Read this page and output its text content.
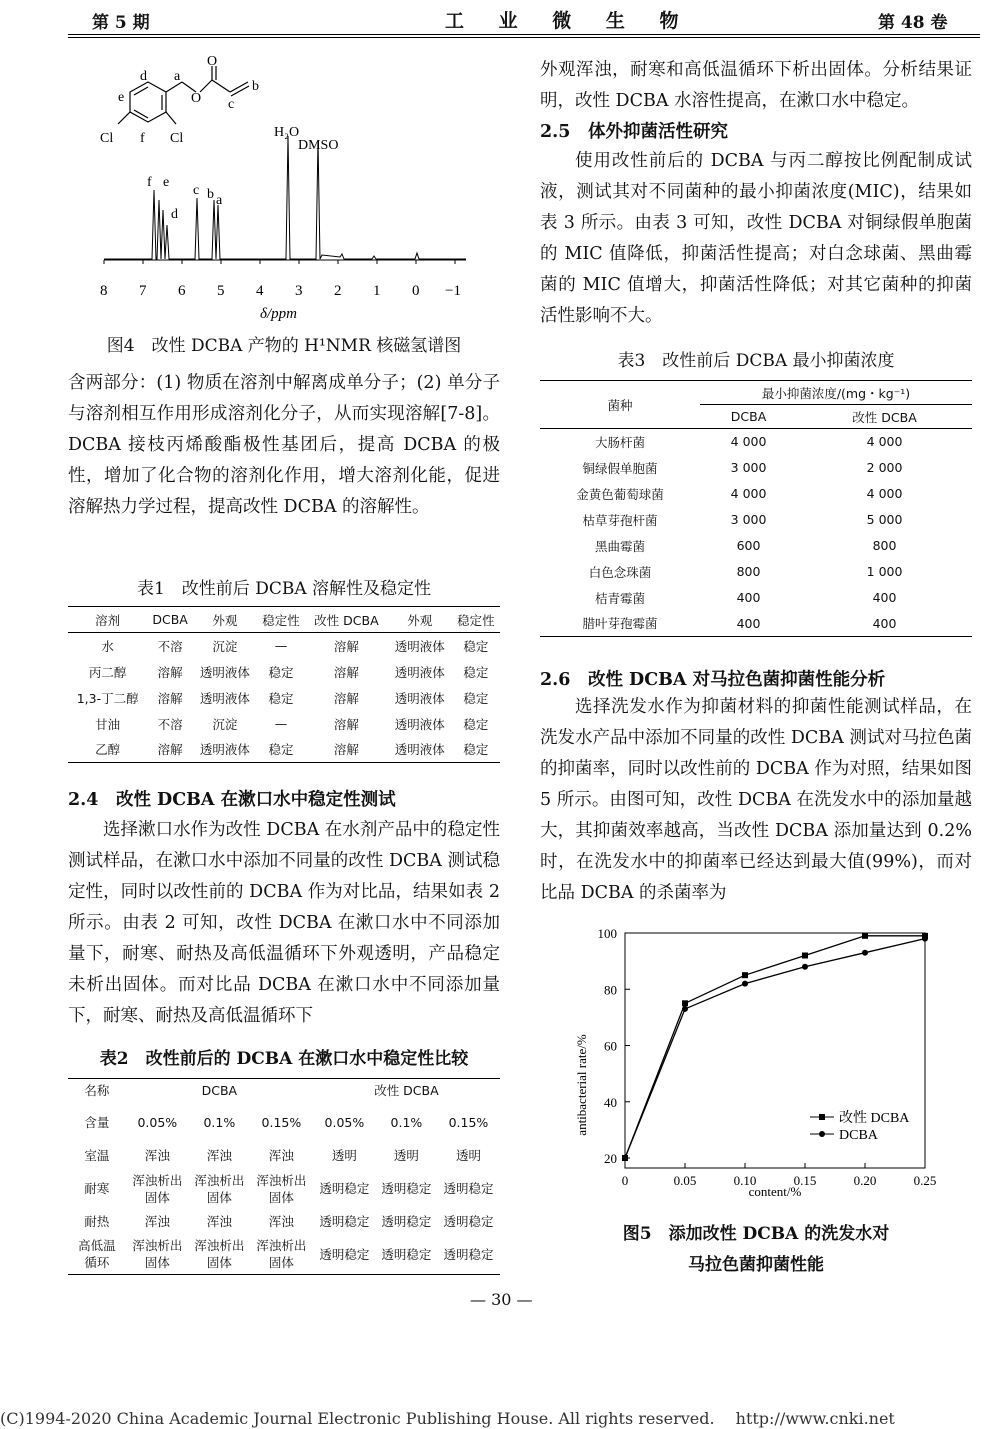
第 5 期	工 业 微 生 物	第 48 卷
d a
O
O
e	c
b
Cl f Cl
8 7 6 5 4 3 2 1 0 −1
δ/ppm
f e
d
c b a
H₂O
DMSO

图4　改性 DCBA 产物的 H¹NMR 核磁氢谱图

含两部分：(1) 物质在溶剂中解离成单分子；(2) 单分子与溶剂相互作用形成溶剂化分子，从而实现溶解[7-8]。DCBA 接枝丙烯酸酯极性基团后，提高 DCBA 的极性，增加了化合物的溶剂化作用，增大溶剂化能，促进溶解热力学过程，提高改性 DCBA 的溶解性。

表1　改性前后 DCBA 溶解性及稳定性

溶剂	DCBA	外观	稳定性	改性 DCBA	外观	稳定性
水	不溶	沉淀	—	溶解	透明液体	稳定
丙二醇	溶解	透明液体	稳定	溶解	透明液体	稳定
1,3-丁二醇	溶解	透明液体	稳定	溶解	透明液体	稳定
甘油	不溶	沉淀	—	溶解	透明液体	稳定
乙醇	溶解	透明液体	稳定	溶解	透明液体	稳定

2.4　改性 DCBA 在漱口水中稳定性测试

选择漱口水作为改性 DCBA 在水剂产品中的稳定性测试样品，在漱口水中添加不同量的改性 DCBA 测试稳定性，同时以改性前的 DCBA 作为对比品，结果如表 2 所示。由表 2 可知，改性 DCBA 在漱口水中不同添加量下，耐寒、耐热及高低温循环下外观透明，产品稳定未析出固体。而对比品 DCBA 在漱口水中不同添加量下，耐寒、耐热及高低温循环下

表2　改性前后的 DCBA 在漱口水中稳定性比较

名称	DCBA			改性 DCBA		
含量	0.05%	0.1%	0.15%	0.05%	0.1%	0.15%
室温	浑浊	浑浊	浑浊	透明	透明	透明
耐寒	浑浊析出固体	浑浊析出固体	浑浊析出固体	透明稳定	透明稳定	透明稳定
耐热	浑浊	浑浊	浑浊	透明稳定	透明稳定	透明稳定
高低温循环	浑浊析出固体	浑浊析出固体	浑浊析出固体	透明稳定	透明稳定	透明稳定

外观浑浊，耐寒和高低温循环下析出固体。分析结果证明，改性 DCBA 水溶性提高，在漱口水中稳定。

2.5　体外抑菌活性研究

使用改性前后的 DCBA 与丙二醇按比例配制成试液，测试其对不同菌种的最小抑菌浓度(MIC)，结果如表 3 所示。由表 3 可知，改性 DCBA 对铜绿假单胞菌的 MIC 值降低，抑菌活性提高；对白念球菌、黑曲霉菌的 MIC 值增大，抑菌活性降低；对其它菌种的抑菌活性影响不大。

表3　改性前后 DCBA 最小抑菌浓度

菌种	最小抑菌浓度/(mg・kg⁻¹)	
	DCBA	改性 DCBA
大肠杆菌	4 000	4 000
铜绿假单胞菌	3 000	2 000
金黄色葡萄球菌	4 000	4 000
枯草芽孢杆菌	3 000	5 000
黑曲霉菌	600	800
白色念珠菌	800	1 000
桔青霉菌	400	400
腊叶芽孢霉菌	400	400

2.6　改性 DCBA 对马拉色菌抑菌性能分析

选择洗发水作为抑菌材料的抑菌性能测试样品，在洗发水产品中添加不同量的改性 DCBA 测试对马拉色菌的抑菌率，同时以改性前的 DCBA 作为对照，结果如图 5 所示。由图可知，改性 DCBA 在洗发水中的添加量越大，其抑菌效率越高，当改性 DCBA 添加量达到 0.2% 时，在洗发水中的抑菌率已经达到最大值(99%)，而对比品 DCBA 的杀菌率为

0	0.05	0.10	0.15	0.20	0.25
20
40
60
80
100
antibacterial rate/%
content/%
改性 DCBA
DCBA

图5　添加改性 DCBA 的洗发水对

马拉色菌抑菌性能

— 30 —
(C)1994-2020 China Academic Journal Electronic Publishing House. All rights reserved.　 http://www.cnki.net
